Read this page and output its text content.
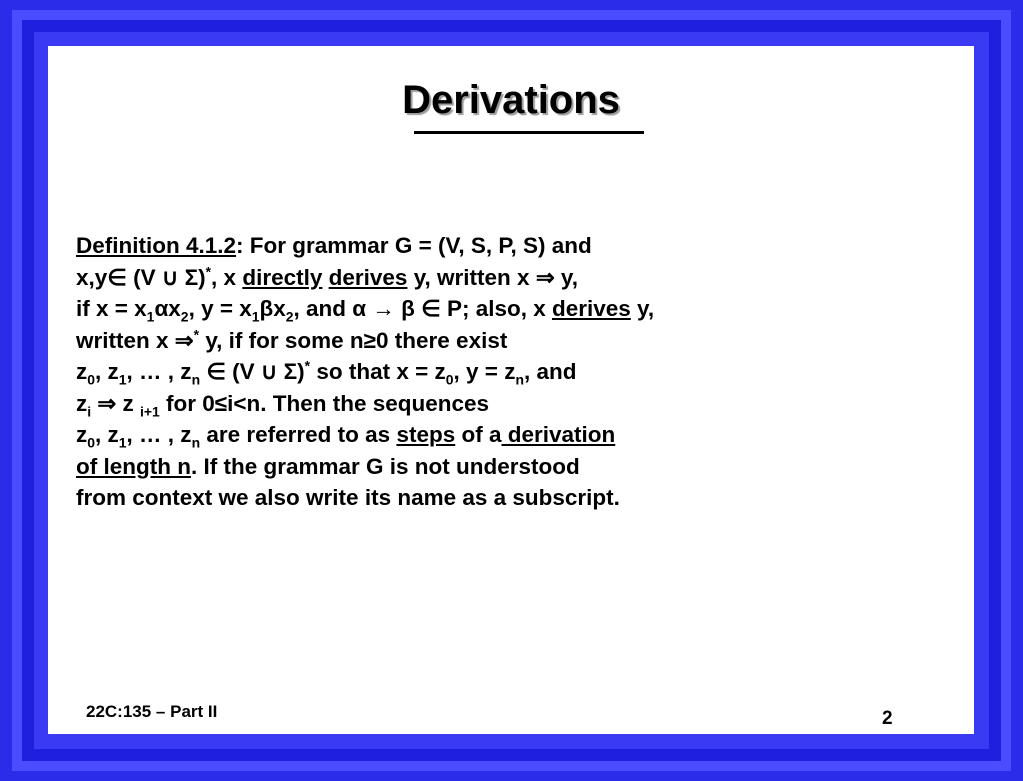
Derivations
Definition 4.1.2: For grammar G = (V, S, P, S) and
x,y∈ (V ∪ Σ)*, x directly derives y, written x ⇒ y,
if $x = x_1\alpha x_2$, $y = x_1\beta x_2$, and α → β ∈ P; also, x derives y,
written x ⇒* y, if for some n≥0 there exist
$z_0$, $z_1$, … , $z_n$ ∈ (V ∪ Σ)* so that $x = z_0$, $y = z_n$, and
$z_i$ ⇒ z $_{i+1}$ for 0≤i<n. Then the sequences
$z_0$, $z_1$, … , $z_n$ are referred to as steps of a derivation
of length n. If the grammar G is not understood
from context we also write its name as a subscript.
22C:135 – Part II	2
